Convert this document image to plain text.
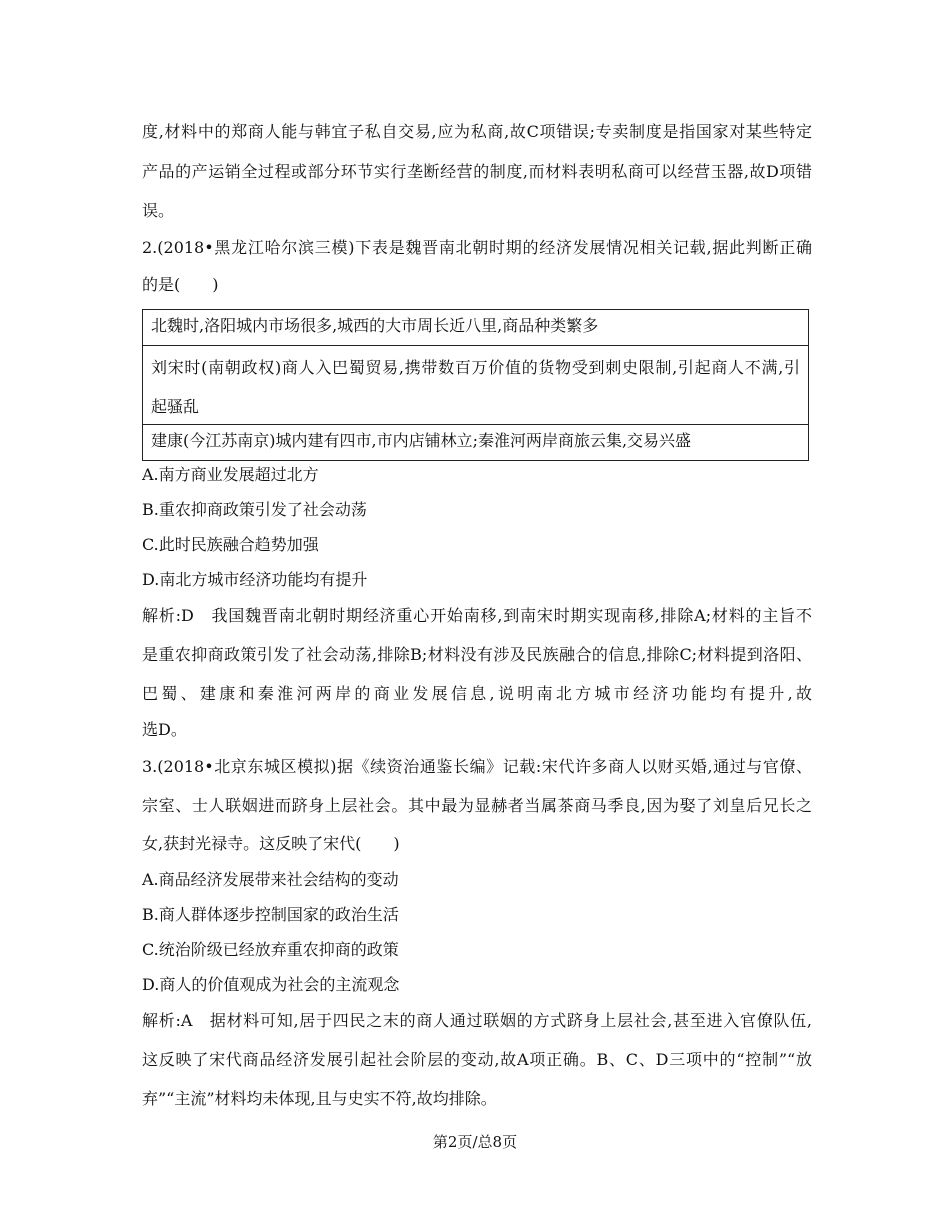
度,材料中的郑商人能与韩宜子私自交易,应为私商,故C项错误;专卖制度是指国家对某些特定
产品的产运销全过程或部分环节实行垄断经营的制度,而材料表明私商可以经营玉器,故D项错
误。
2.(2018•黑龙江哈尔滨三模)下表是魏晋南北朝时期的经济发展情况相关记载,据此判断正确
的是(　　)
北魏时,洛阳城内市场很多,城西的大市周长近八里,商品种类繁多
刘宋时(南朝政权)商人入巴蜀贸易,携带数百万价值的货物受到刺史限制,引起商人不满,引
起骚乱
建康(今江苏南京)城内建有四市,市内店铺林立;秦淮河两岸商旅云集,交易兴盛
A.南方商业发展超过北方
B.重农抑商政策引发了社会动荡
C.此时民族融合趋势加强
D.南北方城市经济功能均有提升
解析:D　我国魏晋南北朝时期经济重心开始南移,到南宋时期实现南移,排除A;材料的主旨不
是重农抑商政策引发了社会动荡,排除B;材料没有涉及民族融合的信息,排除C;材料提到洛阳、
巴蜀、建康和秦淮河两岸的商业发展信息,说明南北方城市经济功能均有提升,故
选D。
3.(2018•北京东城区模拟)据《续资治通鉴长编》记载:宋代许多商人以财买婚,通过与官僚、
宗室、士人联姻进而跻身上层社会。其中最为显赫者当属茶商马季良,因为娶了刘皇后兄长之
女,获封光禄寺。这反映了宋代(　　)
A.商品经济发展带来社会结构的变动
B.商人群体逐步控制国家的政治生活
C.统治阶级已经放弃重农抑商的政策
D.商人的价值观成为社会的主流观念
解析:A　据材料可知,居于四民之末的商人通过联姻的方式跻身上层社会,甚至进入官僚队伍,
这反映了宋代商品经济发展引起社会阶层的变动,故A项正确。B、C、D三项中的“控制”“放
弃”“主流”材料均未体现,且与史实不符,故均排除。
第2页/总8页
